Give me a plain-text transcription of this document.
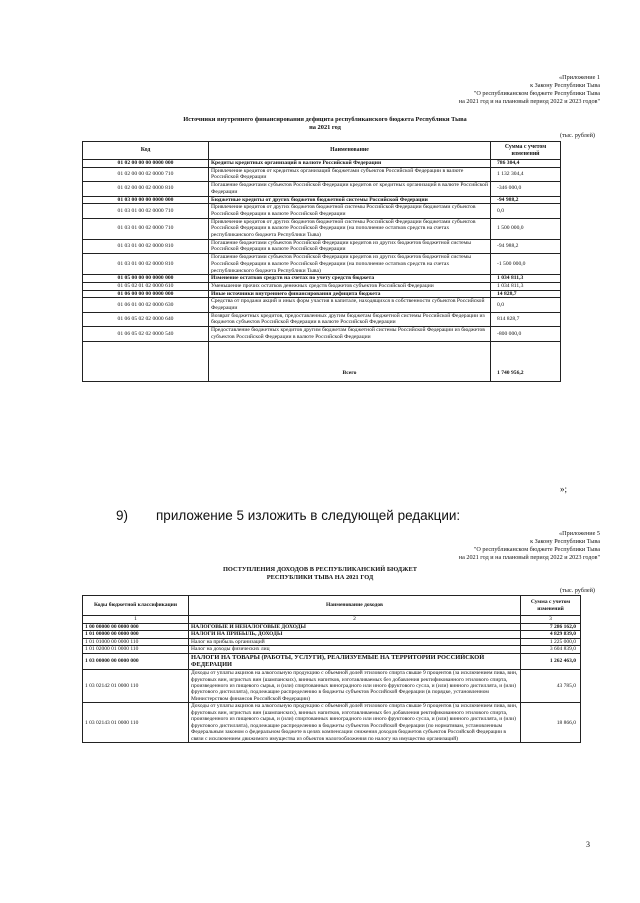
«Приложение 1
к Закону Республики Тыва
"О республиканском бюджете Республики Тыва
на 2021 год и на плановый период 2022 и 2023 годов"
Источники внутреннего финансирования дефицита республиканского бюджета Республики Тыва
на 2021 год
(тыс. рублей)
Код	Наименование	Сумма с учетом изменений
01 02 00 00 00 0000 000	Кредиты кредитных организаций в валюте Российской Федерации	786 304,4
01 02 00 00 02 0000 710	Привлечение кредитов от кредитных организаций бюджетами субъектов Российской Федерации в валюте Российской Федерации	1 132 304,4
01 02 00 00 02 0000 810	Погашение бюджетами субъектов Российской Федерации кредитов от кредитных организаций в валюте Российской Федерации	-346 000,0
01 03 00 00 00 0000 000	Бюджетные кредиты от других бюджетов бюджетной системы Российской Федерации	-94 988,2
01 03 01 00 02 0000 710	Привлечение кредитов от других бюджетов бюджетной системы Российской Федерации бюджетами субъектов Российской Федерации в валюте Российской Федерации	0,0
01 03 01 00 02 0000 710	Привлечение кредитов от других бюджетов бюджетной системы Российской Федерации бюджетами субъектов Российской Федерации в валюте Российской Федерации (на пополнение остатков средств на счетах республиканского бюджета Республики Тыва)	1 500 000,0
01 03 01 00 02 0000 810	Погашение бюджетами субъектов Российской Федерации кредитов из других бюджетов бюджетной системы Российской Федерации в валюте Российской Федерации	-94 988,2
01 03 01 00 02 0000 810	Погашение бюджетами субъектов Российской Федерации кредитов из других бюджетов бюджетной системы Российской Федерации в валюте Российской Федерации (на пополнение остатков средств на счетах республиканского бюджета Республики Тыва)	-1 500 000,0
01 05 00 00 00 0000 000	Изменение остатков средств на счетах по учету средств бюджета	1 034 811,3
01 05 02 01 02 0000 610	Уменьшение прочих остатков денежных средств бюджетов субъектов Российской Федерации	1 034 811,3
01 06 00 00 00 0000 000	Иные источники внутреннего финансирования дефицита бюджета	14 828,7
01 06 01 00 02 0000 630	Средства от продажи акций и иных форм участия в капитале, находящихся в собственности субъектов Российской Федерации	0,0
01 06 05 02 02 0000 640	Возврат бюджетных кредитов, предоставленных другим бюджетам бюджетной системы Российской Федерации из бюджетов субъектов Российской Федерации в валюте Российской Федерации	814 828,7
01 06 05 02 02 0000 540	Предоставление бюджетных кредитов другим бюджетам бюджетной системы Российской Федерации из бюджетов субъектов Российской Федерации в валюте Российской Федерации	-800 000,0
	Всего	1 740 956,2
»;
9) приложение 5 изложить в следующей редакции:
«Приложение 5
к Закону Республики Тыва
"О республиканском бюджете Республики Тыва
на 2021 год и на плановый период 2022 и 2023 годов"
ПОСТУПЛЕНИЯ ДОХОДОВ В РЕСПУБЛИКАНСКИЙ БЮДЖЕТ
РЕСПУБЛИКИ ТЫВА НА 2021 ГОД
(тыс. рублей)
Коды бюджетной классификации	Наименование доходов	Сумма с учетом изменений
1	2	3
1 00 00000 00 0000 000	НАЛОГОВЫЕ И НЕНАЛОГОВЫЕ ДОХОДЫ	7 286 162,0
1 01 00000 00 0000 000	НАЛОГИ НА ПРИБЫЛЬ, ДОХОДЫ	4 829 839,0
1 01 01000 00 0000 110	Налог на прибыль организаций	1 225 000,0
1 01 02000 01 0000 110	Налог на доходы физических лиц	3 604 839,0
1 03 00000 00 0000 000	НАЛОГИ НА ТОВАРЫ (РАБОТЫ, УСЛУГИ), РЕАЛИЗУЕМЫЕ НА ТЕРРИТОРИИ РОССИЙСКОЙ ФЕДЕРАЦИИ	1 262 463,0
1 03 02142 01 0000 110	Доходы от уплаты акцизов на алкогольную продукцию с объемной долей этилового спирта свыше 9 процентов (за исключением пива, вин, фруктовых вин, игристых вин (шампанских), винных напитков, изготавливаемых без добавления ректификованного этилового спирта, произведенного из пищевого сырья, и (или) спиртованных виноградного или иного фруктового сусла, и (или) винного дистиллята, и (или) фруктового дистиллята), подлежащие распределению в бюджеты субъектов Российской Федерации (в порядке, установленном Министерством финансов Российской Федерации)	43 785,0
1 03 02143 01 0000 110	Доходы от уплаты акцизов на алкогольную продукцию с объемной долей этилового спирта свыше 9 процентов (за исключением пива, вин, фруктовых вин, игристых вин (шампанских), винных напитков, изготавливаемых без добавления ректификованного этилового спирта, произведенного из пищевого сырья, и (или) спиртованных виноградного или иного фруктового сусла, и (или) винного дистиллята, и (или) фруктового дистиллята), подлежащие распределению в бюджеты субъектов Российской Федерации (по нормативам, установленным Федеральным законом о федеральном бюджете в целях компенсации снижения доходов бюджетов субъектов Российской Федерации в связи с исключением движимого имущества из объектов налогообложения по налогу на имущество организаций)	18 866,0
3
